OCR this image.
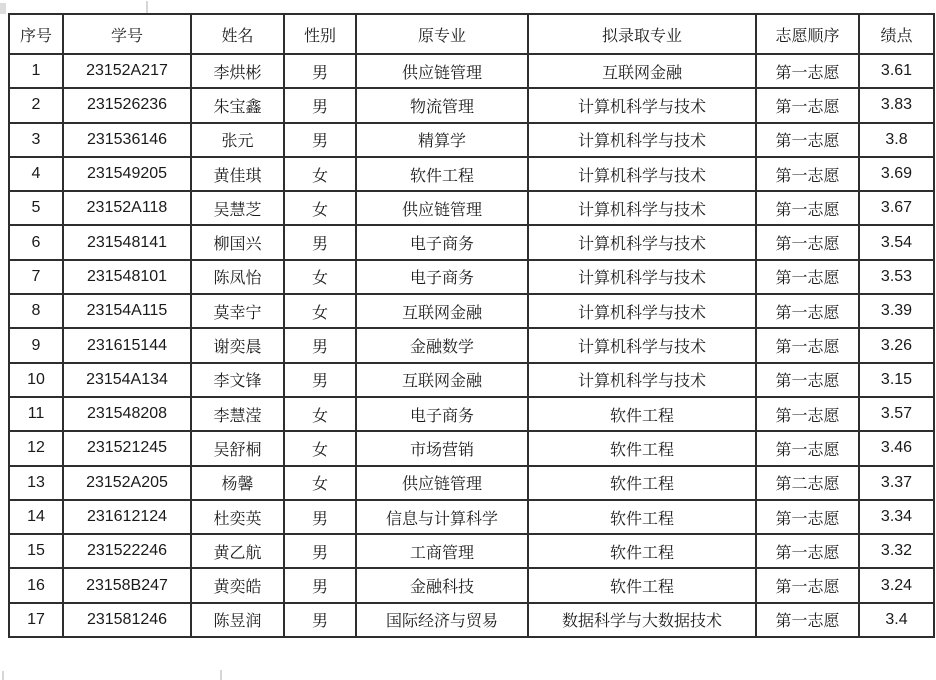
序号	学号	姓名	性别	原专业	拟录取专业	志愿顺序	绩点
1	23152A217	李烘彬	男	供应链管理	互联网金融	第一志愿	3.61
2	231526236	朱宝鑫	男	物流管理	计算机科学与技术	第一志愿	3.83
3	231536146	张元	男	精算学	计算机科学与技术	第一志愿	3.8
4	231549205	黄佳琪	女	软件工程	计算机科学与技术	第一志愿	3.69
5	23152A118	吴慧芝	女	供应链管理	计算机科学与技术	第一志愿	3.67
6	231548141	柳国兴	男	电子商务	计算机科学与技术	第一志愿	3.54
7	231548101	陈凤怡	女	电子商务	计算机科学与技术	第一志愿	3.53
8	23154A115	莫幸宁	女	互联网金融	计算机科学与技术	第一志愿	3.39
9	231615144	谢奕晨	男	金融数学	计算机科学与技术	第一志愿	3.26
10	23154A134	李文锋	男	互联网金融	计算机科学与技术	第一志愿	3.15
11	231548208	李慧滢	女	电子商务	软件工程	第一志愿	3.57
12	231521245	吴舒桐	女	市场营销	软件工程	第一志愿	3.46
13	23152A205	杨馨	女	供应链管理	软件工程	第二志愿	3.37
14	231612124	杜奕英	男	信息与计算科学	软件工程	第一志愿	3.34
15	231522246	黄乙航	男	工商管理	软件工程	第一志愿	3.32
16	23158B247	黄奕皓	男	金融科技	软件工程	第一志愿	3.24
17	231581246	陈昱润	男	国际经济与贸易	数据科学与大数据技术	第一志愿	3.4
